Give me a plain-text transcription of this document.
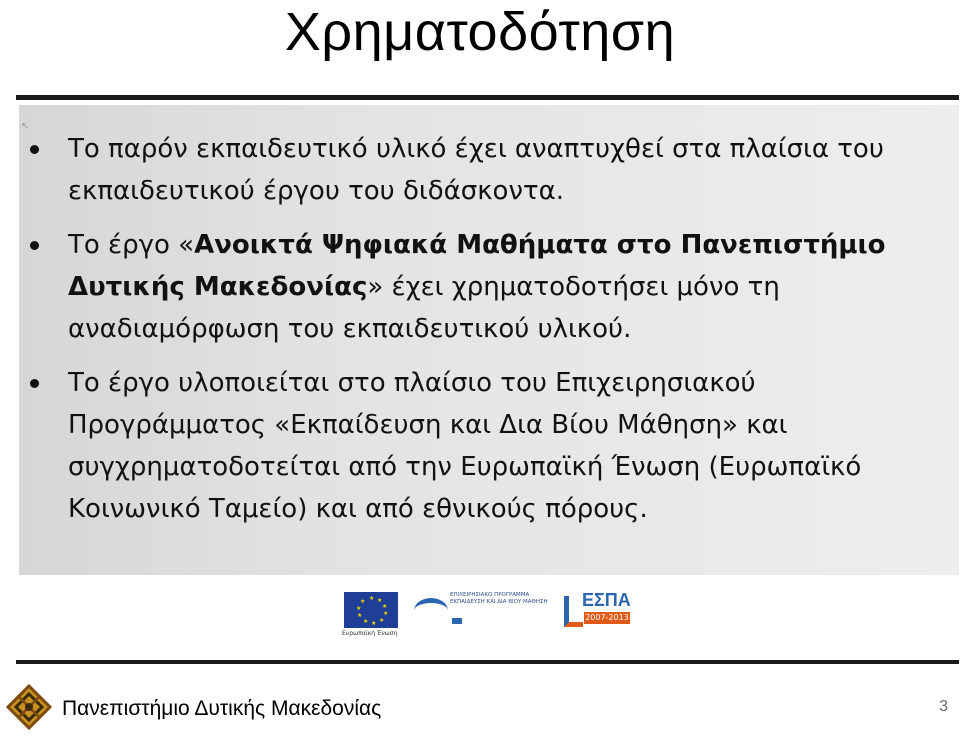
Χρηματοδότηση
↖
Το παρόν εκπαιδευτικό υλικό έχει αναπτυχθεί στα πλαίσια του εκπαιδευτικού έργου του διδάσκοντα.
Το έργο «Ανοικτά Ψηφιακά Μαθήματα στο Πανεπιστήμιο Δυτικής Μακεδονίας» έχει χρηματοδοτήσει μόνο τη αναδιαμόρφωση του εκπαιδευτικού υλικού.
Το έργο υλοποιείται στο πλαίσιο του Επιχειρησιακού Προγράμματος «Εκπαίδευση και Δια Βίου Μάθηση» και συγχρηματοδοτείται από την Ευρωπαϊκή Ένωση (Ευρωπαϊκό Κοινωνικό Ταμείο) και από εθνικούς πόρους.
★ ★
★
★
★
★
★
★
★
★
Ευρωπαϊκή Ένωση
ΕΠΙΧΕΙΡΗΣΙΑΚΟ ΠΡΟΓΡΑΜΜΑ ΕΚΠΑΙΔΕΥΣΗ ΚΑΙ ΔΙΑ ΒΙΟΥ ΜΑΘΗΣΗ ΕΣΠΑ
2007-2013
Πανεπιστήμιο Δυτικής Μακεδονίας	3
